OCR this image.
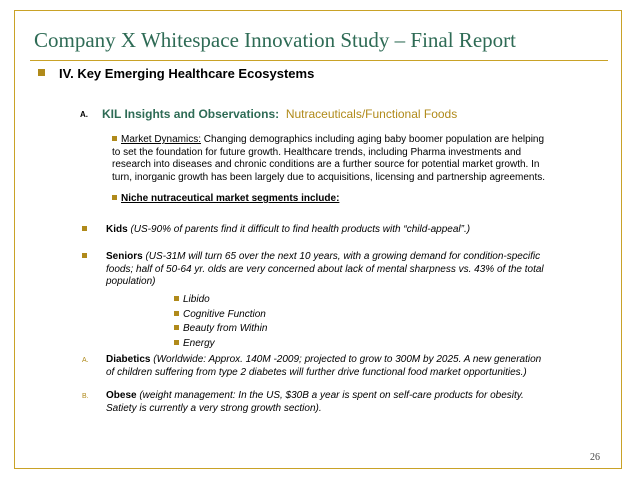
Company X Whitespace Innovation Study – Final Report
IV. Key Emerging Healthcare Ecosystems
A. KIL Insights and Observations: Nutraceuticals/Functional Foods
Market Dynamics: Changing demographics including aging baby boomer population are helping to set the foundation for future growth. Healthcare trends, including Pharma investments and research into diseases and chronic conditions are a further source for potential market growth. In turn, inorganic growth has been largely due to acquisitions, licensing and partnership agreements.
Niche nutraceutical market segments include:
Kids (US-90% of parents find it difficult to find health products with “child-appeal”.)
Seniors (US-31M will turn 65 over the next 10 years, with a growing demand for condition-specific foods; half of 50-64 yr. olds are very concerned about lack of mental sharpness vs. 43% of the total population)
Libido
Cognitive Function
Beauty from Within
Energy
A. Diabetics (Worldwide: Approx. 140M -2009; projected to grow to 300M by 2025. A new generation of children suffering from type 2 diabetes will further drive functional food market opportunities.)
B. Obese (weight management: In the US, $30B a year is spent on self-care products for obesity. Satiety is currently a very strong growth section).
26
